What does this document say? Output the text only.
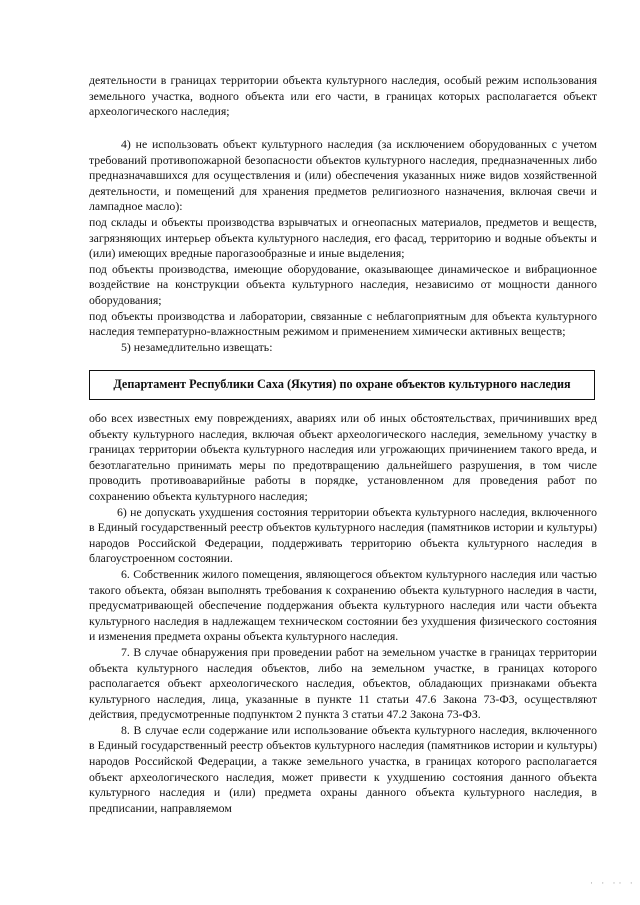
деятельности в границах территории объекта культурного наследия, особый режим использования земельного участка, водного объекта или его части, в границах которых располагается объект археологического наследия;

4) не использовать объект культурного наследия (за исключением оборудованных с учетом требований противопожарной безопасности объектов культурного наследия, предназначенных либо предназначавшихся для осуществления и (или) обеспечения указанных ниже видов хозяйственной деятельности, и помещений для хранения предметов религиозного назначения, включая свечи и лампадное масло):

под склады и объекты производства взрывчатых и огнеопасных материалов, предметов и веществ, загрязняющих интерьер объекта культурного наследия, его фасад, территорию и водные объекты и (или) имеющих вредные парогазообразные и иные выделения;

под объекты производства, имеющие оборудование, оказывающее динамическое и вибрационное воздействие на конструкции объекта культурного наследия, независимо от мощности данного оборудования;

под объекты производства и лаборатории, связанные с неблагоприятным для объекта культурного наследия температурно-влажностным режимом и применением химически активных веществ;

5) незамедлительно извещать:

Департамент Республики Саха (Якутия) по охране объектов культурного наследия

обо всех известных ему повреждениях, авариях или об иных обстоятельствах, причинивших вред объекту культурного наследия, включая объект археологического наследия, земельному участку в границах территории объекта культурного наследия или угрожающих причинением такого вреда, и безотлагательно принимать меры по предотвращению дальнейшего разрушения, в том числе проводить противоаварийные работы в порядке, установленном для проведения работ по сохранению объекта культурного наследия;

6) не допускать ухудшения состояния территории объекта культурного наследия, включенного в Единый государственный реестр объектов культурного наследия (памятников истории и культуры) народов Российской Федерации, поддерживать территорию объекта культурного наследия в благоустроенном состоянии.

6. Собственник жилого помещения, являющегося объектом культурного наследия или частью такого объекта, обязан выполнять требования к сохранению объекта культурного наследия в части, предусматривающей обеспечение поддержания объекта культурного наследия или части объекта культурного наследия в надлежащем техническом состоянии без ухудшения физического состояния и изменения предмета охраны объекта культурного наследия.

7. В случае обнаружения при проведении работ на земельном участке в границах территории объекта культурного наследия объектов, либо на земельном участке, в границах которого располагается объект археологического наследия, объектов, обладающих признаками объекта культурного наследия, лица, указанные в пункте 11 статьи 47.6 Закона 73-ФЗ, осуществляют действия, предусмотренные подпунктом 2 пункта 3 статьи 47.2 Закона 73-ФЗ.

8. В случае если содержание или использование объекта культурного наследия, включенного в Единый государственный реестр объектов культурного наследия (памятников истории и культуры) народов Российской Федерации, а также земельного участка, в границах которого располагается объект археологического наследия, может привести к ухудшению состояния данного объекта культурного наследия и (или) предмета охраны данного объекта культурного наследия, в предписании, направляемом

· · ·· ·
